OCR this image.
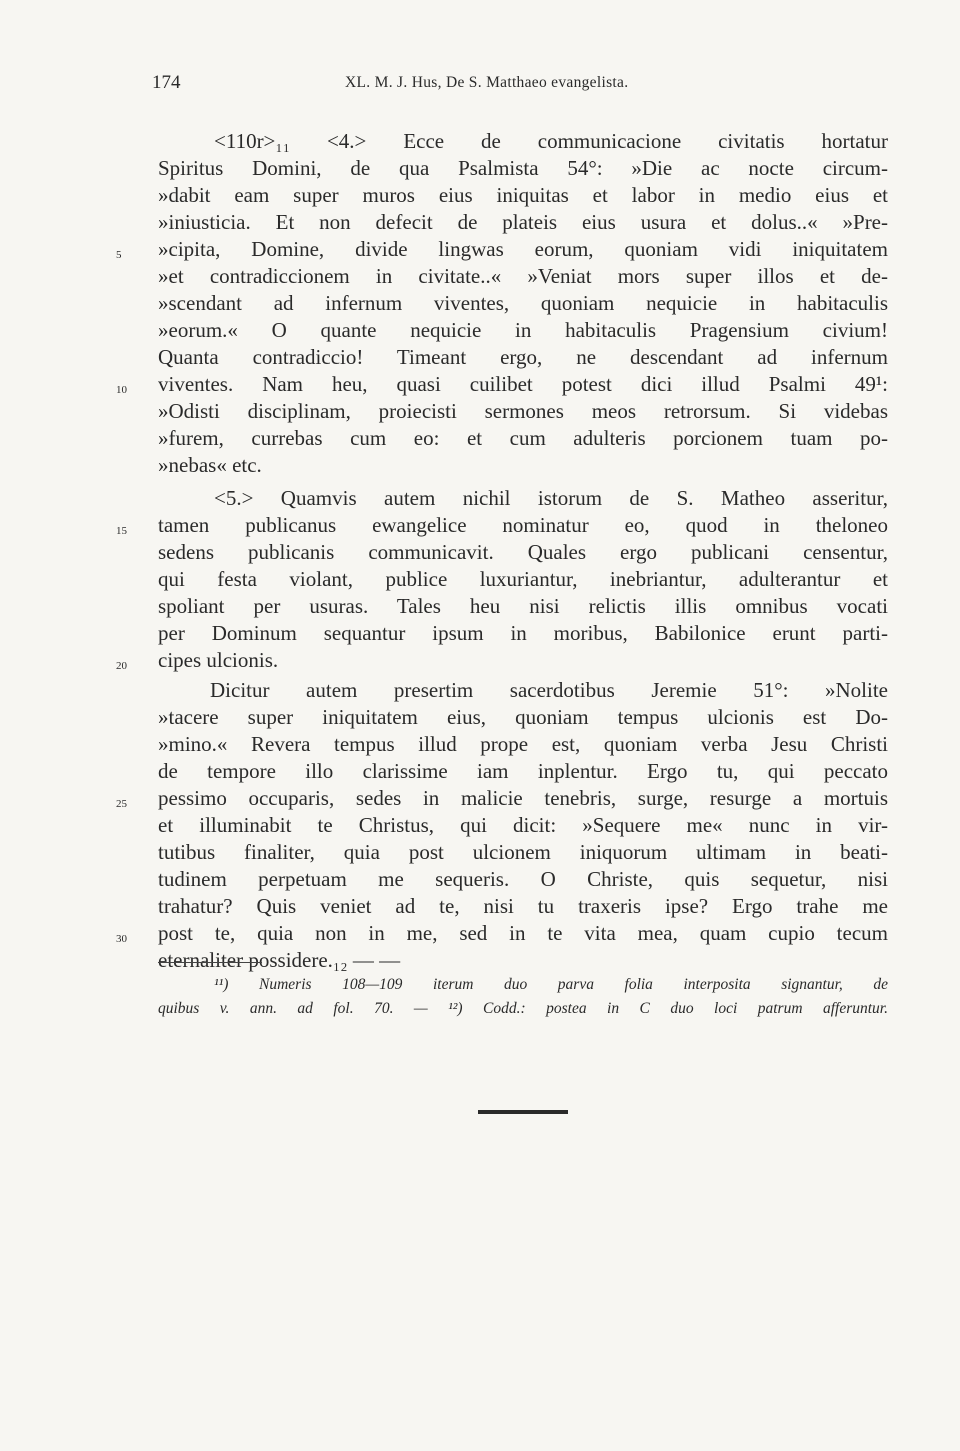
174	XL. M. J. Hus, De S. Matthaeo evangelista.
<110r>₁₁ <4.> Ecce de communicacione civitatis hortatur
Spiritus Domini, de qua Psalmista 54°: »Die ac nocte circum-
»dabit eam super muros eius iniquitas et labor in medio eius et
»iniusticia. Et non defecit de plateis eius usura et dolus..« »Pre-
5	»cipita, Domine, divide lingwas eorum, quoniam vidi iniquitatem
»et contradiccionem in civitate..« »Veniat mors super illos et de-
»scendant ad infernum viventes, quoniam nequicie in habitaculis
»eorum.« O quante nequicie in habitaculis Pragensium civium!
Quanta contradiccio! Timeant ergo, ne descendant ad infernum
10	viventes. Nam heu, quasi cuilibet potest dici illud Psalmi 49¹:
»Odisti disciplinam, proiecisti sermones meos retrorsum. Si videbas
»furem, currebas cum eo: et cum adulteris porcionem tuam po-
»nebas« etc.
<5.> Quamvis autem nichil istorum de S. Matheo asseritur,
15	tamen publicanus ewangelice nominatur eo, quod in theloneo
sedens publicanis communicavit. Quales ergo publicani censentur,
qui festa violant, publice luxuriantur, inebriantur, adulterantur et
spoliant per usuras. Tales heu nisi relictis illis omnibus vocati
per Dominum sequantur ipsum in moribus, Babilonice erunt parti-
20	cipes ulcionis.
Dicitur autem presertim sacerdotibus Jeremie 51°: »Nolite
»tacere super iniquitatem eius, quoniam tempus ulcionis est Do-
»mino.« Revera tempus illud prope est, quoniam verba Jesu Christi
de tempore illo clarissime iam inplentur. Ergo tu, qui peccato
25	pessimo occuparis, sedes in malicie tenebris, surge, resurge a mortuis
et illuminabit te Christus, qui dicit: »Sequere me« nunc in vir-
tutibus finaliter, quia post ulcionem iniquorum ultimam in beati-
tudinem perpetuam me sequeris. O Christe, quis sequetur, nisi
trahatur? Quis veniet ad te, nisi tu traxeris ipse? Ergo trahe me
30	post te, quia non in me, sed in te vita mea, quam cupio tecum
eternaliter possidere.₁₂ — —
¹¹) Numeris 108—109 iterum duo parva folia interposita signantur, de
quibus v. ann. ad fol. 70. — ¹²) Codd.: postea in C duo loci patrum afferuntur.
